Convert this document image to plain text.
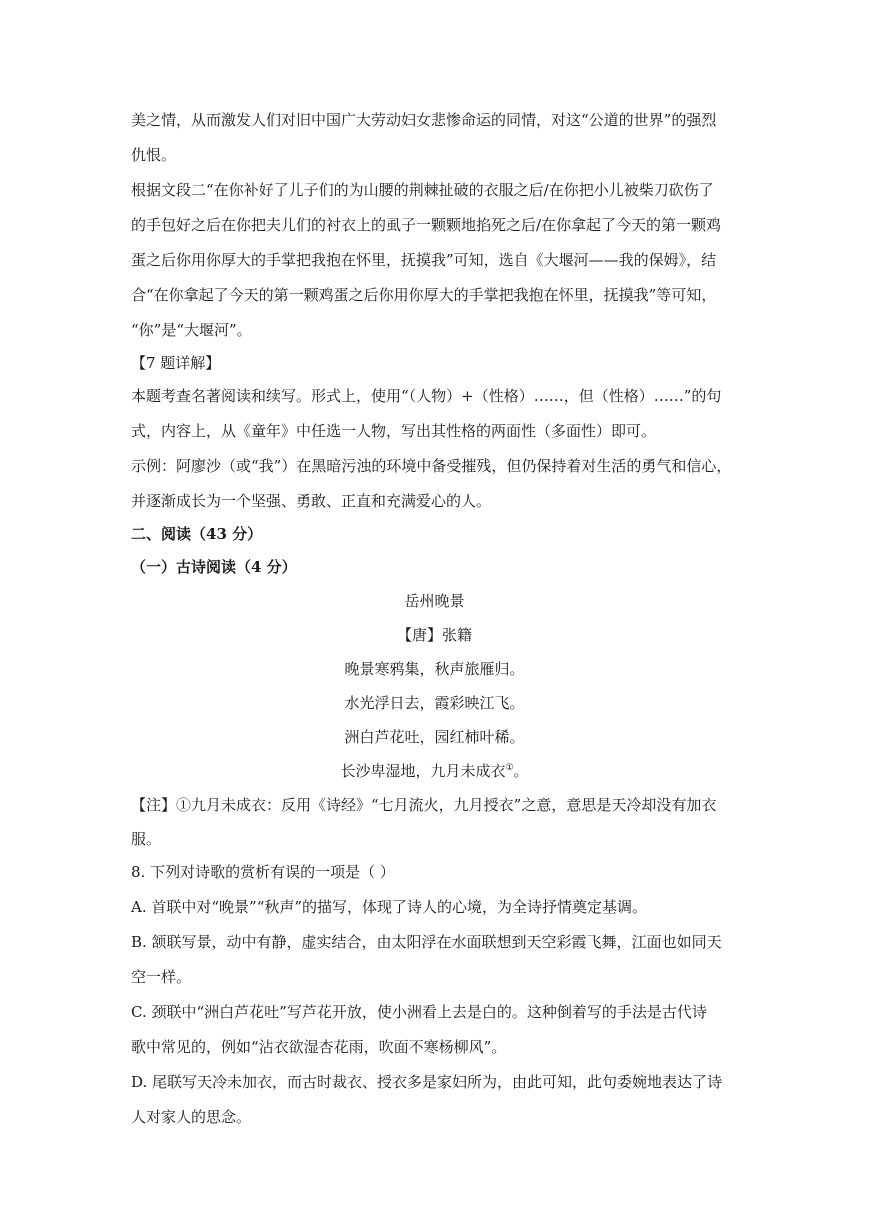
美之情，从而激发人们对旧中国广大劳动妇女悲惨命运的同情，对这“公道的世界”的强烈
仇恨。
根据文段二“在你补好了儿子们的为山腰的荆棘扯破的衣服之后/在你把小儿被柴刀砍伤了
的手包好之后在你把夫儿们的衬衣上的虱子一颗颗地掐死之后/在你拿起了今天的第一颗鸡
蛋之后你用你厚大的手掌把我抱在怀里，抚摸我”可知，选自《大堰河——我的保姆》，结
合“在你拿起了今天的第一颗鸡蛋之后你用你厚大的手掌把我抱在怀里，抚摸我”等可知，
“你”是“大堰河”。
【7 题详解】
本题考查名著阅读和续写。形式上，使用“（人物）+（性格）……，但（性格）……”的句
式，内容上，从《童年》中任选一人物，写出其性格的两面性（多面性）即可。
示例：阿廖沙（或“我”）在黑暗污浊的环境中备受摧残，但仍保持着对生活的勇气和信心，
并逐渐成长为一个坚强、勇敢、正直和充满爱心的人。
二、阅读（43 分）
（一）古诗阅读（4 分）
岳州晚景
【唐】张籍
晚景寒鸦集，秋声旅雁归。
水光浮日去，霞彩映江飞。
洲白芦花吐，园红柿叶稀。
长沙卑湿地，九月未成衣①。
【注】①九月未成衣：反用《诗经》“七月流火，九月授衣”之意，意思是天冷却没有加衣
服。
8. 下列对诗歌的赏析有误的一项是（ ）
A. 首联中对“晚景”“秋声”的描写，体现了诗人的心境，为全诗抒情奠定基调。
B. 颔联写景，动中有静，虚实结合，由太阳浮在水面联想到天空彩霞飞舞，江面也如同天
空一样。
C. 颈联中“洲白芦花吐”写芦花开放，使小洲看上去是白的。这种倒着写的手法是古代诗
歌中常见的，例如“沾衣欲湿杏花雨，吹面不寒杨柳风”。
D. 尾联写天冷未加衣，而古时裁衣、授衣多是家妇所为，由此可知，此句委婉地表达了诗
人对家人的思念。
